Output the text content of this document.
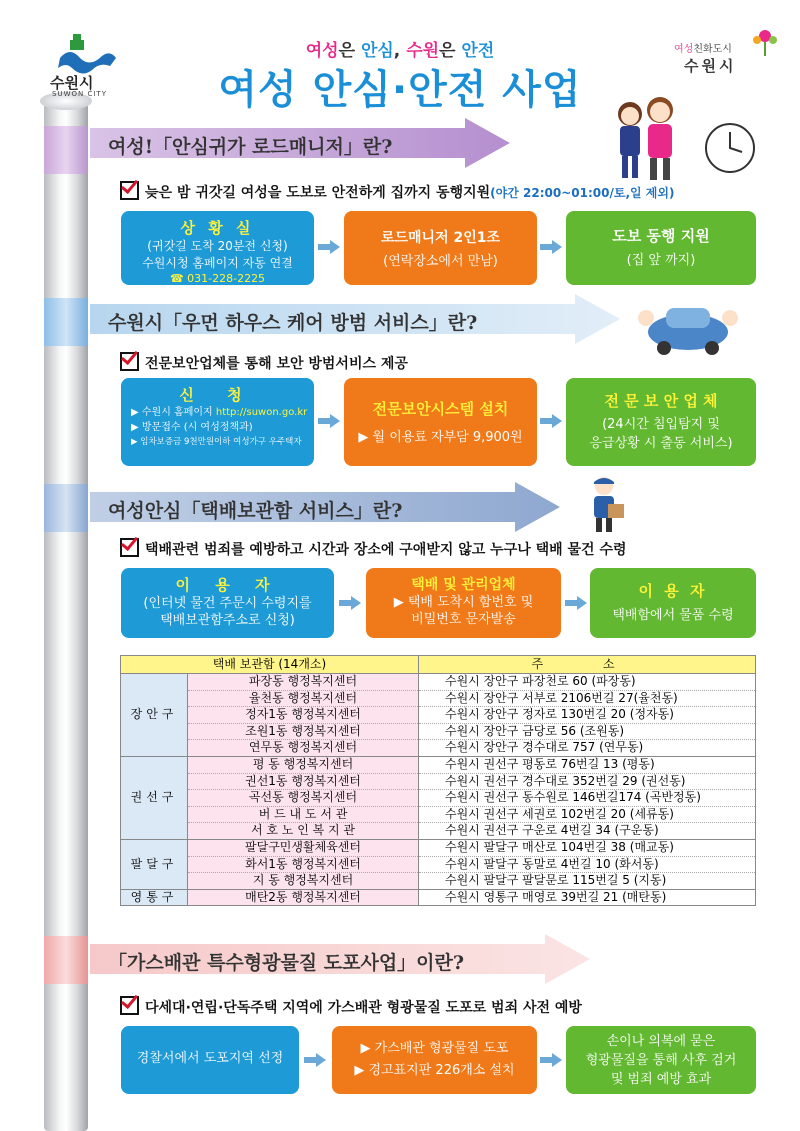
수원시
SUWON CITY
여성은 안심, 수원은 안전
여성 안심·안전 사업
여성친화도시
수원시
여성!「안심귀가 로드매니저」란?
늦은 밤 귀갓길 여성을 도보로 안전하게 집까지 동행지원(야간 22:00~01:00/토,일 제외)
상 황 실
(귀갓길 도착 20분전 신청)
수원시청 홈페이지 자동 연결
☎ 031-228-2225
로드매니저 2인1조
(연락장소에서 만남)
도보 동행 지원
(집 앞 까지)
수원시「우먼 하우스 케어 방범 서비스」란?
전문보안업체를 통해 보안 방범서비스 제공
신 청
▶ 수원시 홈페이지 http://suwon.go.kr
▶ 방문접수 (시 여성정책과)
▶ 임차보증금 9천만원이하 여성가구 우주택자
전문보안시스템 설치
▶ 월 이용료 자부담 9,900원
전 문 보 안 업 체
(24시간 침입탐지 및
응급상황 시 출동 서비스)
여성안심「택배보관함 서비스」란?
택배관련 범죄를 예방하고 시간과 장소에 구애받지 않고 누구나 택배 물건 수령
이 용 자
(인터넷 물건 주문시 수령지를
택배보관함주소로 신청)
택배 및 관리업체
▶ 택배 도착시 함번호 및
비밀번호 문자발송
이 용 자
택배함에서 물품 수령
택배 보관함 (14개소)		주 소
장안구	파장동 행정복지센터	수원시 장안구 파장천로 60 (파장동)
	율천동 행정복지센터	수원시 장안구 서부로 2106번길 27(율천동)
	정자1동 행정복지센터	수원시 장안구 정자로 130번길 20 (정자동)
	조원1동 행정복지센터	수원시 장안구 금당로 56 (조원동)
	연무동 행정복지센터	수원시 장안구 경수대로 757 (연무동)
권선구	평 동 행정복지센터	수원시 권선구 평동로 76번길 13 (평동)
	권선1동 행정복지센터	수원시 권선구 경수대로 352번길 29 (권선동)
	곡선동 행정복지센터	수원시 권선구 동수원로 146번길174 (곡반정동)
	버 드 내 도 서 관	수원시 권선구 세권로 102번길 20 (세류동)
	서 호 노 인 복 지 관	수원시 권선구 구운로 4번길 34 (구운동)
팔달구	팔달구민생활체육센터	수원시 팔달구 매산로 104번길 38 (매교동)
	화서1동 행정복지센터	수원시 팔달구 동말로 4번길 10 (화서동)
	지 동 행정복지센터	수원시 팔달구 팔달문로 115번길 5 (지동)
영통구	매탄2동 행정복지센터	수원시 영통구 매영로 39번길 21 (매탄동)
「가스배관 특수형광물질 도포사업」이란?
다세대·연립·단독주택 지역에 가스배관 형광물질 도포로 범죄 사전 예방
경찰서에서 도포지역 선정
▶ 가스배관 형광물질 도포
▶ 경고표지판 226개소 설치
손이나 의복에 묻은
형광물질을 통해 사후 검거
및 범죄 예방 효과
